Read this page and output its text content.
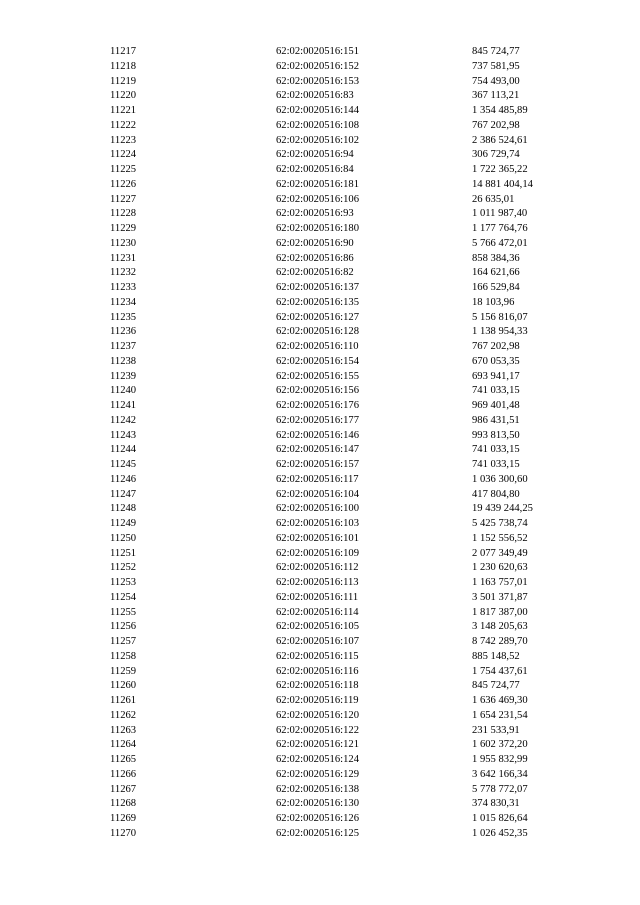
11217	62:02:0020516:151	845 724,77
11218	62:02:0020516:152	737 581,95
11219	62:02:0020516:153	754 493,00
11220	62:02:0020516:83	367 113,21
11221	62:02:0020516:144	1 354 485,89
11222	62:02:0020516:108	767 202,98
11223	62:02:0020516:102	2 386 524,61
11224	62:02:0020516:94	306 729,74
11225	62:02:0020516:84	1 722 365,22
11226	62:02:0020516:181	14 881 404,14
11227	62:02:0020516:106	26 635,01
11228	62:02:0020516:93	1 011 987,40
11229	62:02:0020516:180	1 177 764,76
11230	62:02:0020516:90	5 766 472,01
11231	62:02:0020516:86	858 384,36
11232	62:02:0020516:82	164 621,66
11233	62:02:0020516:137	166 529,84
11234	62:02:0020516:135	18 103,96
11235	62:02:0020516:127	5 156 816,07
11236	62:02:0020516:128	1 138 954,33
11237	62:02:0020516:110	767 202,98
11238	62:02:0020516:154	670 053,35
11239	62:02:0020516:155	693 941,17
11240	62:02:0020516:156	741 033,15
11241	62:02:0020516:176	969 401,48
11242	62:02:0020516:177	986 431,51
11243	62:02:0020516:146	993 813,50
11244	62:02:0020516:147	741 033,15
11245	62:02:0020516:157	741 033,15
11246	62:02:0020516:117	1 036 300,60
11247	62:02:0020516:104	417 804,80
11248	62:02:0020516:100	19 439 244,25
11249	62:02:0020516:103	5 425 738,74
11250	62:02:0020516:101	1 152 556,52
11251	62:02:0020516:109	2 077 349,49
11252	62:02:0020516:112	1 230 620,63
11253	62:02:0020516:113	1 163 757,01
11254	62:02:0020516:111	3 501 371,87
11255	62:02:0020516:114	1 817 387,00
11256	62:02:0020516:105	3 148 205,63
11257	62:02:0020516:107	8 742 289,70
11258	62:02:0020516:115	885 148,52
11259	62:02:0020516:116	1 754 437,61
11260	62:02:0020516:118	845 724,77
11261	62:02:0020516:119	1 636 469,30
11262	62:02:0020516:120	1 654 231,54
11263	62:02:0020516:122	231 533,91
11264	62:02:0020516:121	1 602 372,20
11265	62:02:0020516:124	1 955 832,99
11266	62:02:0020516:129	3 642 166,34
11267	62:02:0020516:138	5 778 772,07
11268	62:02:0020516:130	374 830,31
11269	62:02:0020516:126	1 015 826,64
11270	62:02:0020516:125	1 026 452,35
